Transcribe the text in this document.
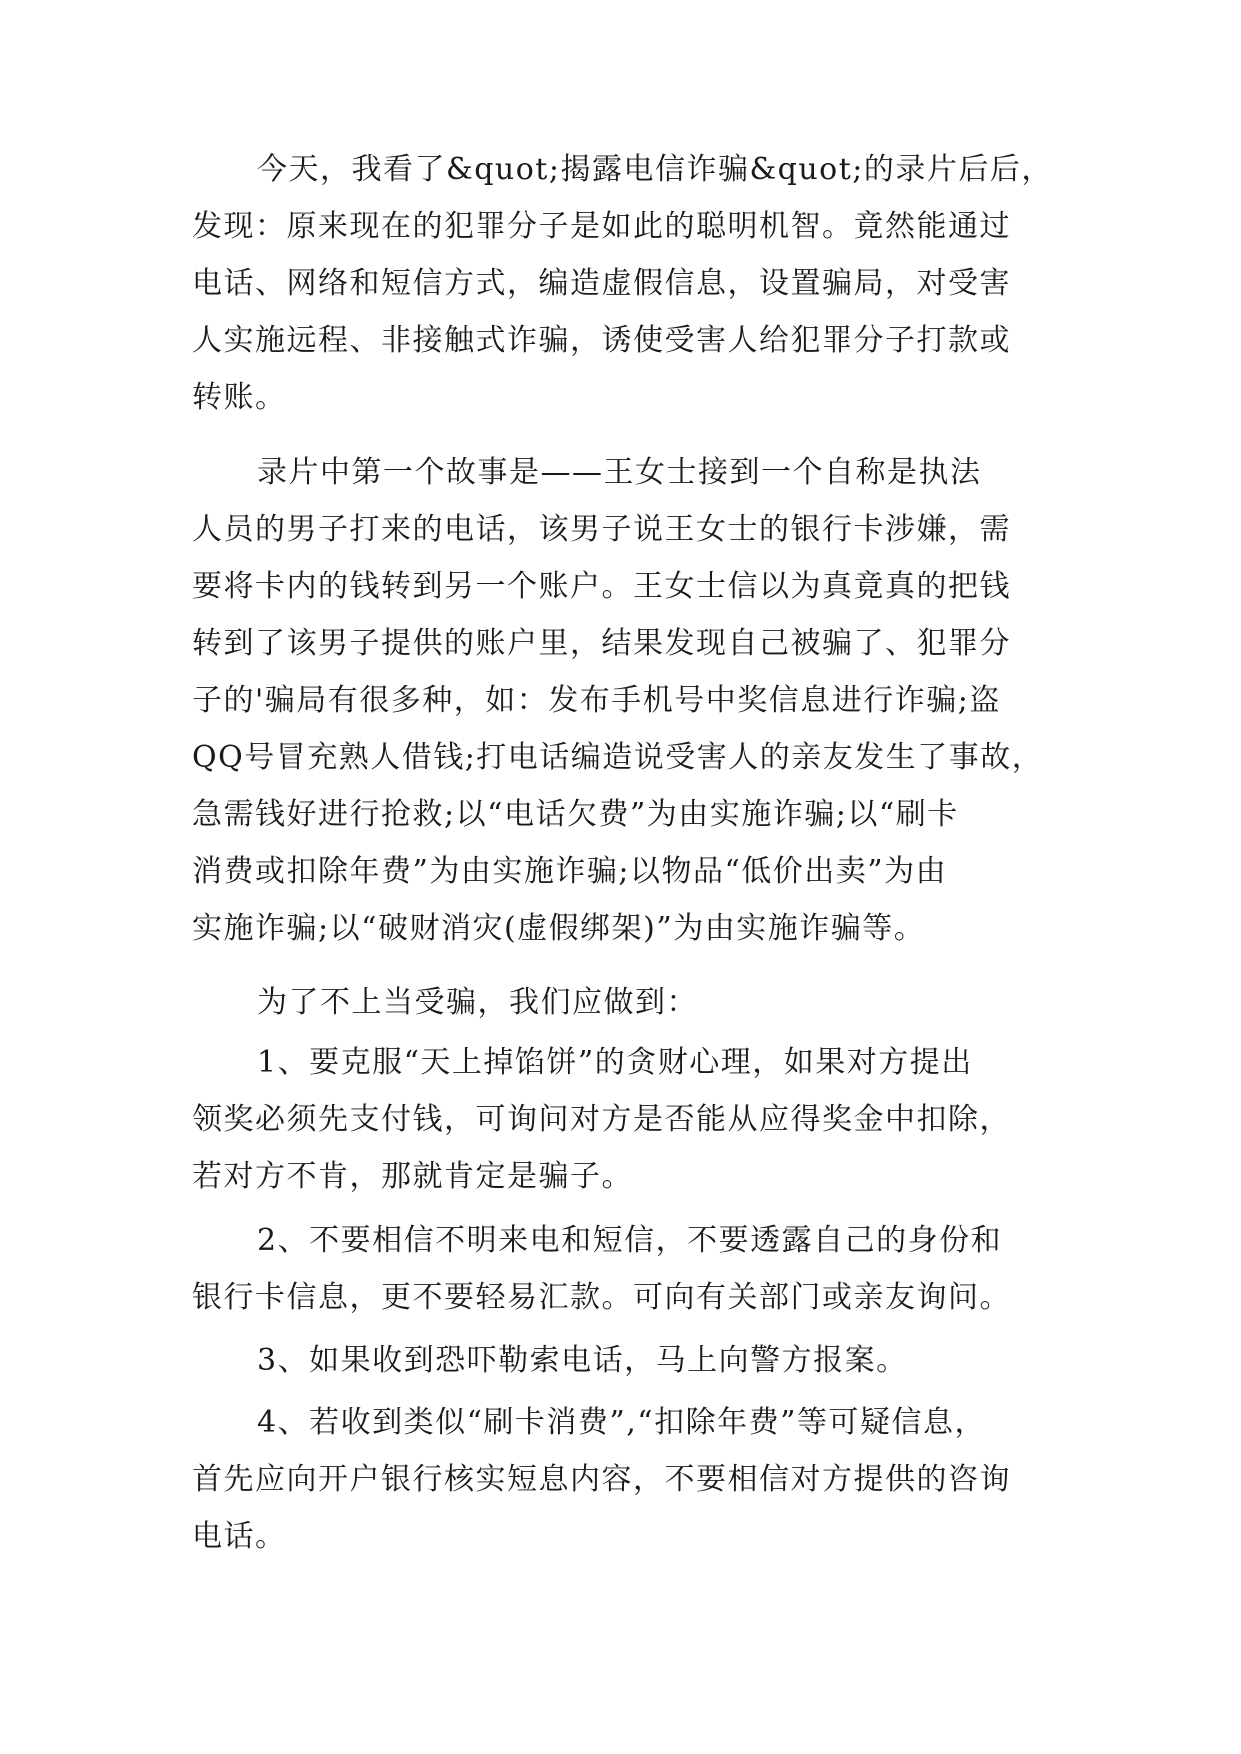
今天，我看了&quot;揭露电信诈骗&quot;的录片后后，
发现：原来现在的犯罪分子是如此的聪明机智。竟然能通过
电话、网络和短信方式，编造虚假信息，设置骗局，对受害
人实施远程、非接触式诈骗，诱使受害人给犯罪分子打款或
转账。
录片中第一个故事是——王女士接到一个自称是执法
人员的男子打来的电话，该男子说王女士的银行卡涉嫌，需
要将卡内的钱转到另一个账户。王女士信以为真竟真的把钱
转到了该男子提供的账户里，结果发现自己被骗了、犯罪分
子的'骗局有很多种，如：发布手机号中奖信息进行诈骗;盗
QQ号冒充熟人借钱;打电话编造说受害人的亲友发生了事故，
急需钱好进行抢救;以“电话欠费”为由实施诈骗;以“刷卡
消费或扣除年费”为由实施诈骗;以物品“低价出卖”为由
实施诈骗;以“破财消灾(虚假绑架)”为由实施诈骗等。
为了不上当受骗，我们应做到：
1、要克服“天上掉馅饼”的贪财心理，如果对方提出
领奖必须先支付钱，可询问对方是否能从应得奖金中扣除，
若对方不肯，那就肯定是骗子。
2、不要相信不明来电和短信，不要透露自己的身份和
银行卡信息，更不要轻易汇款。可向有关部门或亲友询问。
3、如果收到恐吓勒索电话，马上向警方报案。
4、若收到类似“刷卡消费”,“扣除年费”等可疑信息，
首先应向开户银行核实短息内容，不要相信对方提供的咨询
电话。
